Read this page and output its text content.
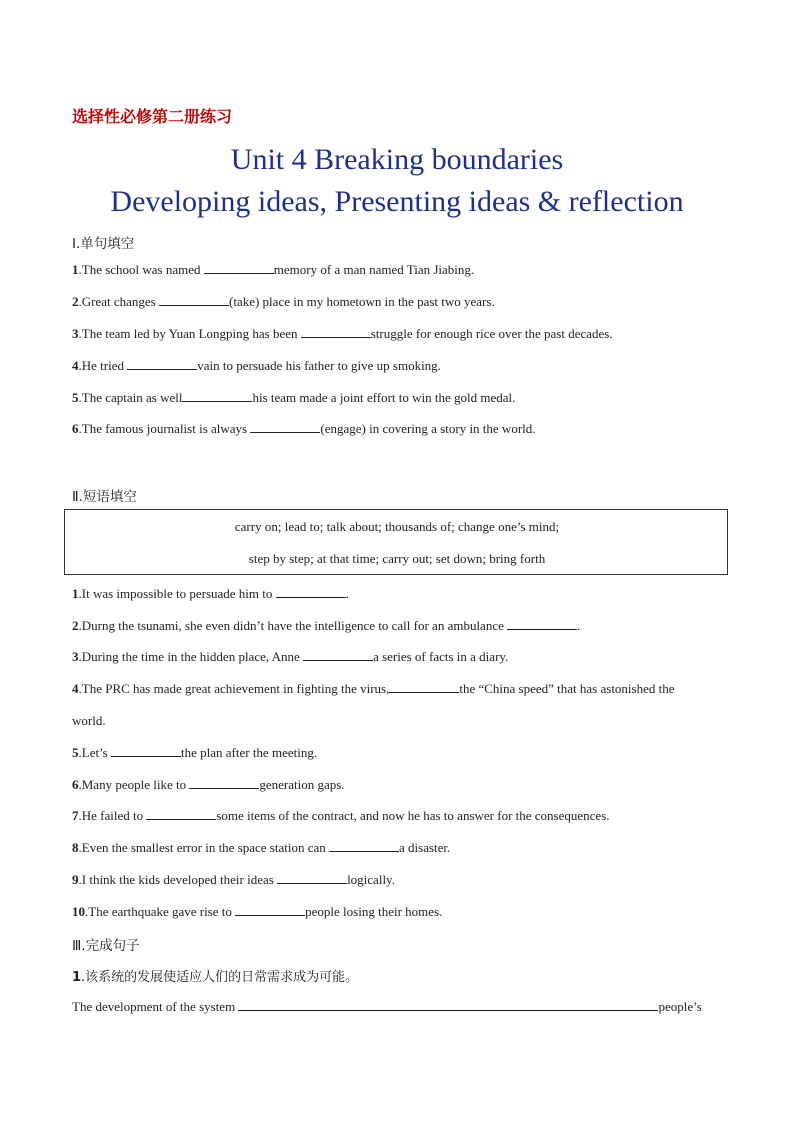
选择性必修第二册练习
Unit 4 Breaking boundaries
Developing ideas, Presenting ideas & reflection
Ⅰ.单句填空
1.The school was named	memory of a man named Tian Jiabing.
2.Great changes	(take) place in my hometown in the past two years.
3.The team led by Yuan Longping has been	struggle for enough rice over the past decades.
4.He tried	vain to persuade his father to give up smoking.
5.The captain as well	his team made a joint effort to win the gold medal.
6.The famous journalist is always	(engage) in covering a story in the world.
Ⅱ.短语填空
carry on; lead to; talk about; thousands of; change one’s mind;
step by step; at that time; carry out; set down; bring forth
1.It was impossible to persuade him to	.
2.Durng the tsunami, she even didn’t have the intelligence to call for an ambulance	.
3.During the time in the hidden place, Anne	a series of facts in a diary.
4.The PRC has made great achievement in fighting the virus,	the “China speed” that has astonished the
world.
5.Let’s	the plan after the meeting.
6.Many people like to	generation gaps.
7.He failed to	some items of the contract, and now he has to answer for the consequences.
8.Even the smallest error in the space station can	a disaster.
9.I think the kids developed their ideas	logically.
10.The earthquake gave rise to	people losing their homes.
Ⅲ.完成句子
1.该系统的发展使适应人们的日常需求成为可能。
The development of the system	people’s
